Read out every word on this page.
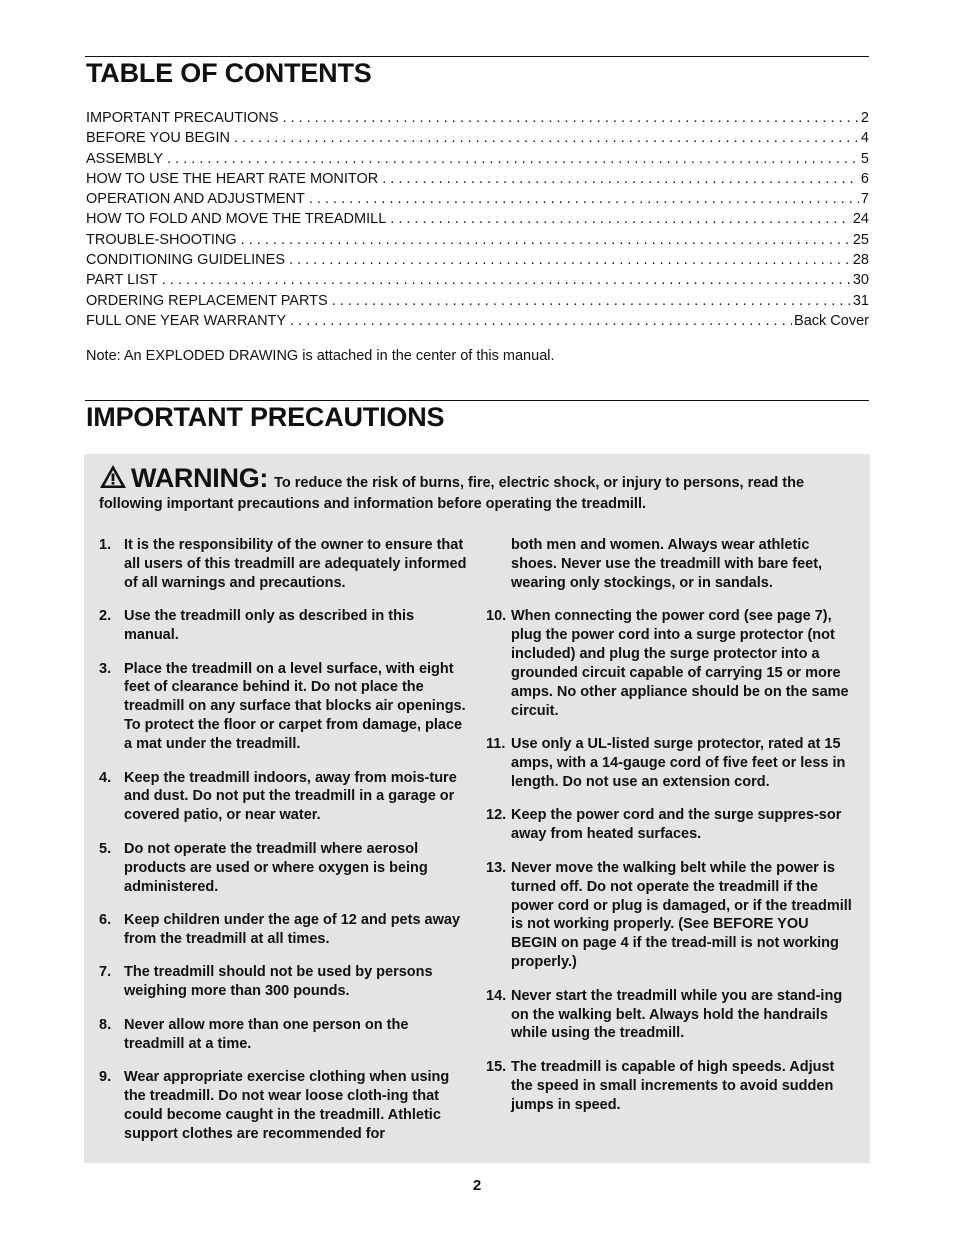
TABLE OF CONTENTS
IMPORTANT PRECAUTIONS . . .	2
BEFORE YOU BEGIN . . .	4
ASSEMBLY . . .	5
HOW TO USE THE HEART RATE MONITOR . . .	6
OPERATION AND ADJUSTMENT . . .	7
HOW TO FOLD AND MOVE THE TREADMILL . . .	24
TROUBLE-SHOOTING . . .	25
CONDITIONING GUIDELINES . . .	28
PART LIST . . .	30
ORDERING REPLACEMENT PARTS . . .	31
FULL ONE YEAR WARRANTY . . .	Back Cover
Note: An EXPLODED DRAWING is attached in the center of this manual.
IMPORTANT PRECAUTIONS
WARNING: To reduce the risk of burns, fire, electric shock, or injury to persons, read the following important precautions and information before operating the treadmill.
1. It is the responsibility of the owner to ensure that all users of this treadmill are adequately informed of all warnings and precautions.
2. Use the treadmill only as described in this manual.
3. Place the treadmill on a level surface, with eight feet of clearance behind it. Do not place the treadmill on any surface that blocks air openings. To protect the floor or carpet from damage, place a mat under the treadmill.
4. Keep the treadmill indoors, away from mois-ture and dust. Do not put the treadmill in a garage or covered patio, or near water.
5. Do not operate the treadmill where aerosol products are used or where oxygen is being administered.
6. Keep children under the age of 12 and pets away from the treadmill at all times.
7. The treadmill should not be used by persons weighing more than 300 pounds.
8. Never allow more than one person on the treadmill at a time.
9. Wear appropriate exercise clothing when using the treadmill. Do not wear loose cloth-ing that could become caught in the treadmill. Athletic support clothes are recommended for
both men and women. Always wear athletic shoes. Never use the treadmill with bare feet, wearing only stockings, or in sandals.
10. When connecting the power cord (see page 7), plug the power cord into a surge protector (not included) and plug the surge protector into a grounded circuit capable of carrying 15 or more amps. No other appliance should be on the same circuit.
11. Use only a UL-listed surge protector, rated at 15 amps, with a 14-gauge cord of five feet or less in length. Do not use an extension cord.
12. Keep the power cord and the surge suppres-sor away from heated surfaces.
13. Never move the walking belt while the power is turned off. Do not operate the treadmill if the power cord or plug is damaged, or if the treadmill is not working properly. (See BEFORE YOU BEGIN on page 4 if the tread-mill is not working properly.)
14. Never start the treadmill while you are stand-ing on the walking belt. Always hold the handrails while using the treadmill.
15. The treadmill is capable of high speeds. Adjust the speed in small increments to avoid sudden jumps in speed.
2
